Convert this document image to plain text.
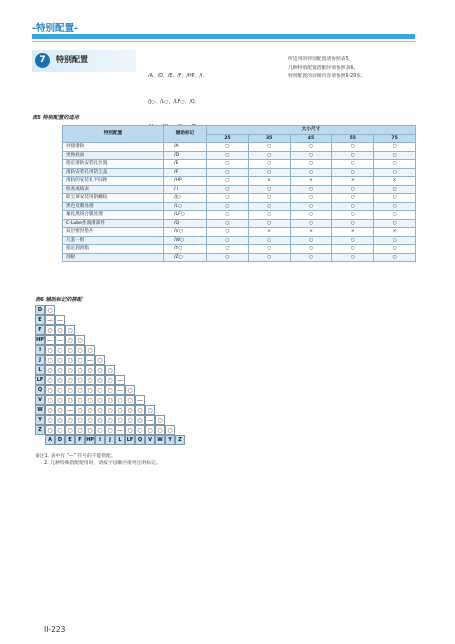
-特别配置-
7	特别配置

/A、/D、/E、/F、/HP、/I、

/J○、/L○、/LF○、/Q、

所适用的特别配置请参照表5。
几种特别配置搭配时请参照表6。
特别配置的详细内容请参照II-29页。
表5 特别配置的适用
特别配置	辅助标记	大小尺寸				
		25	35	45	55	75
对接滑轨	/A	○	○	○	○	○
更换底面	/D	○	○	○	○	○
指定滑轨安装孔位置	/E	○	○	○	○	○
滑轨安装孔用防尘盖	/F	○	○	○	○	○
滑轨的安装孔半间距	/HP	○	×	×	×	×
检查成绩表	/ I	○	○	○	○	○
防尘罩安装用阴螺纹	/J○	○	○	○	○	○
黑色反膜处理	/L○	○	○	○	○	○
氟化黑铬合膜处理	/LF○	○	○	○	○	○
C-Lube作润滑部件	/Q	○	○	○	○	○
双层密封垫片	/V○	○	×	×	×	×
几套一组	/W○	○	○	○	○	○
指定润滑脂	/Y○	○	○	○	○	○
刮板	/Z○	○	○	○	○	○
表6 辅助标记的搭配
D ○
E — —
F ○ ○ ○
HP — — ○ ○
I	○ ○ ○ ○ ○
J	○ ○ ○ ○ — ○
L ○ ○ ○ ○ ○ ○ ○
LF ○ ○ ○ ○ ○ ○ ○ —
Q ○ ○ ○ ○ ○ ○ ○ — ○
V ○ ○ ○ ○ ○ ○ ○ ○ ○ —
W ○ ○ — ○ ○ ○ ○ ○ ○ ○ ○
Y ○ ○ ○ ○ ○ ○ ○ ○ ○ ○ — ○
Z ○ ○ ○ ○ ○ ○ ○ — ○ ○ ○ ○ ○
A	D	E	F HP	I	J	L	LF Q	V	W	Y	Z
备注1. 表中有 "—" 符号的不能搭配。
2. 几种特殊搭配使用时，请按字母顺序排列注明标记。
II-223
